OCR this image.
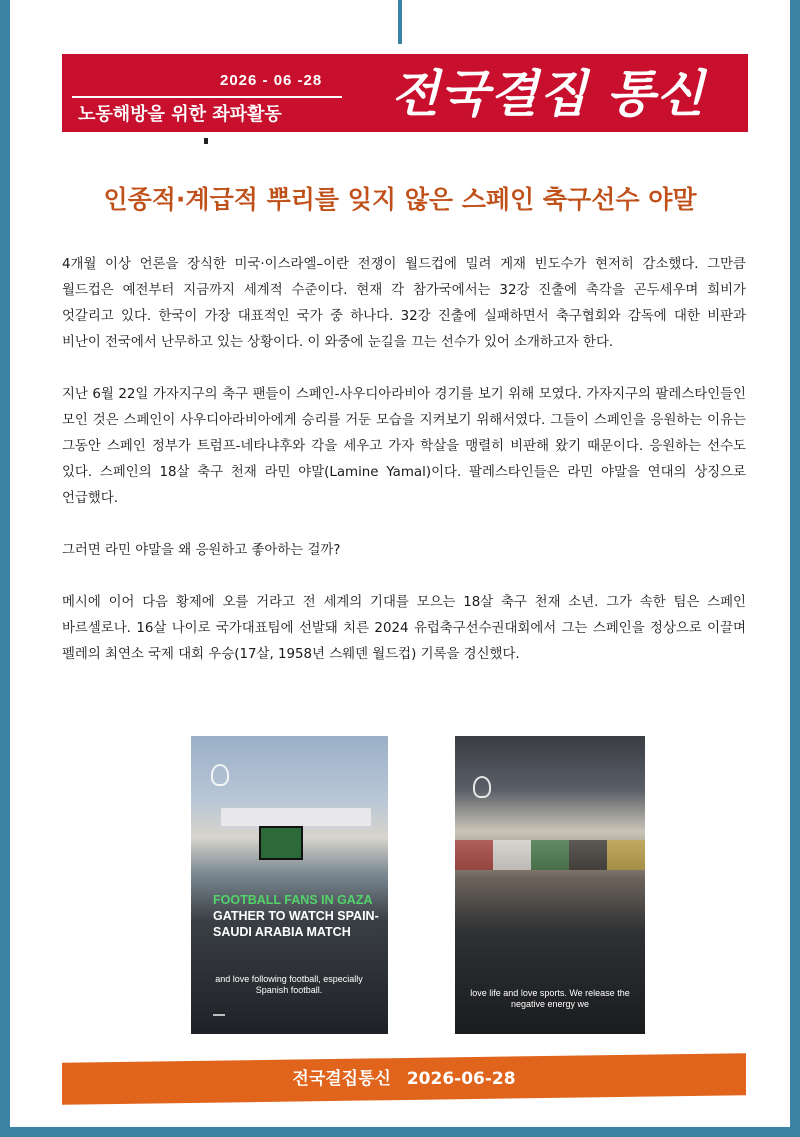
2026 - 06 -28
노동해방을 위한 좌파활동	전국결집 통신
인종적·계급적 뿌리를 잊지 않은 스페인 축구선수 야말

4개월 이상 언론을 장식한 미국·이스라엘–이란 전쟁이 월드컵에 밀려 게재 빈도수가 현저히 감소했다. 그만큼 월드컵은 예전부터 지금까지 세계적 수준이다. 현재 각 참가국에서는 32강 진출에 촉각을 곤두세우며 희비가 엇갈리고 있다. 한국이 가장 대표적인 국가 중 하나다. 32강 진출에 실패하면서 축구협회와 감독에 대한 비판과 비난이 전국에서 난무하고 있는 상황이다. 이 와중에 눈길을 끄는 선수가 있어 소개하고자 한다.

지난 6월 22일 가자지구의 축구 팬들이 스페인-사우디아라비아 경기를 보기 위해 모였다. 가자지구의 팔레스타인들인 모인 것은 스페인이 사우디아라비아에게 승리를 거둔 모습을 지켜보기 위해서였다. 그들이 스페인을 응원하는 이유는 그동안 스페인 정부가 트럼프-네타냐후와 각을 세우고 가자 학살을 맹렬히 비판해 왔기 때문이다. 응원하는 선수도 있다. 스페인의 18살 축구 천재 라민 야말(Lamine Yamal)이다. 팔레스타인들은 라민 야말을 연대의 상징으로 언급했다.

그러면 라민 야말을 왜 응원하고 좋아하는 걸까?

메시에 이어 다음 황제에 오를 거라고 전 세계의 기대를 모으는 18살 축구 천재 소년. 그가 속한 팀은 스페인 바르셀로나. 16살 나이로 국가대표팀에 선발돼 치른 2024 유럽축구선수권대회에서 그는 스페인을 정상으로 이끌며 펠레의 최연소 국제 대회 우승(17살, 1958년 스웨덴 월드컵) 기록을 경신했다.

FOOTBALL FANS IN GAZA GATHER TO WATCH SPAIN-SAUDI ARABIA MATCH
and love following football, especially Spanish football.	love life and love sports. We release the negative energy we
전국결집통신 2026-06-28
